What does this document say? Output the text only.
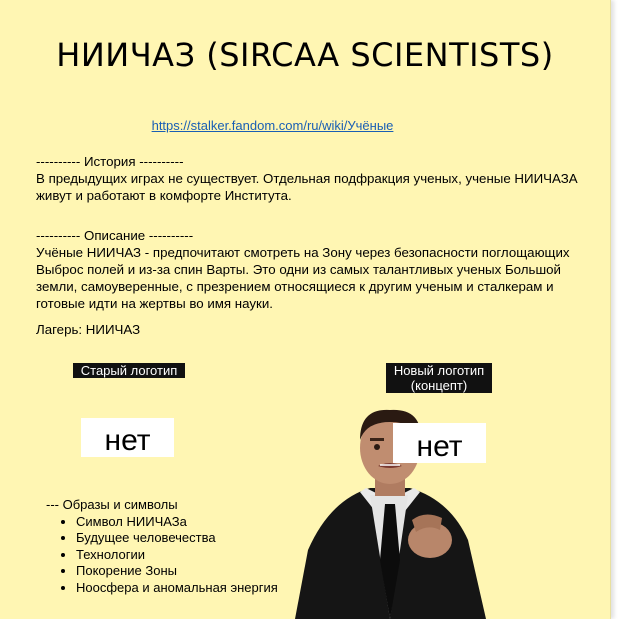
НИИЧАЗ (SIRCAA SCIENTISTS)
https://stalker.fandom.com/ru/wiki/Учёные
---------- История ----------
В предыдущих играх не существует. Отдельная подфракция ученых, ученые НИИЧАЗА живут и работают в комфорте Института.
---------- Описание ----------
Учёные НИИЧАЗ - предпочитают смотреть на Зону через безопасности поглощающих Выброс полей и из-за спин Варты. Это одни из самых талантливых ученых Большой земли, самоуверенные, с презрением относящиеся к другим ученым и сталкерам и готовые идти на жертвы во имя науки.
Лагерь: НИИЧАЗ
Старый логотип
нет
Новый логотип
(концепт)
нет
--- Образы и символы
• Символ НИИЧАЗа
• Будущее человечества
• Технологии
• Покорение Зоны
• Ноосфера и аномальная энергия
